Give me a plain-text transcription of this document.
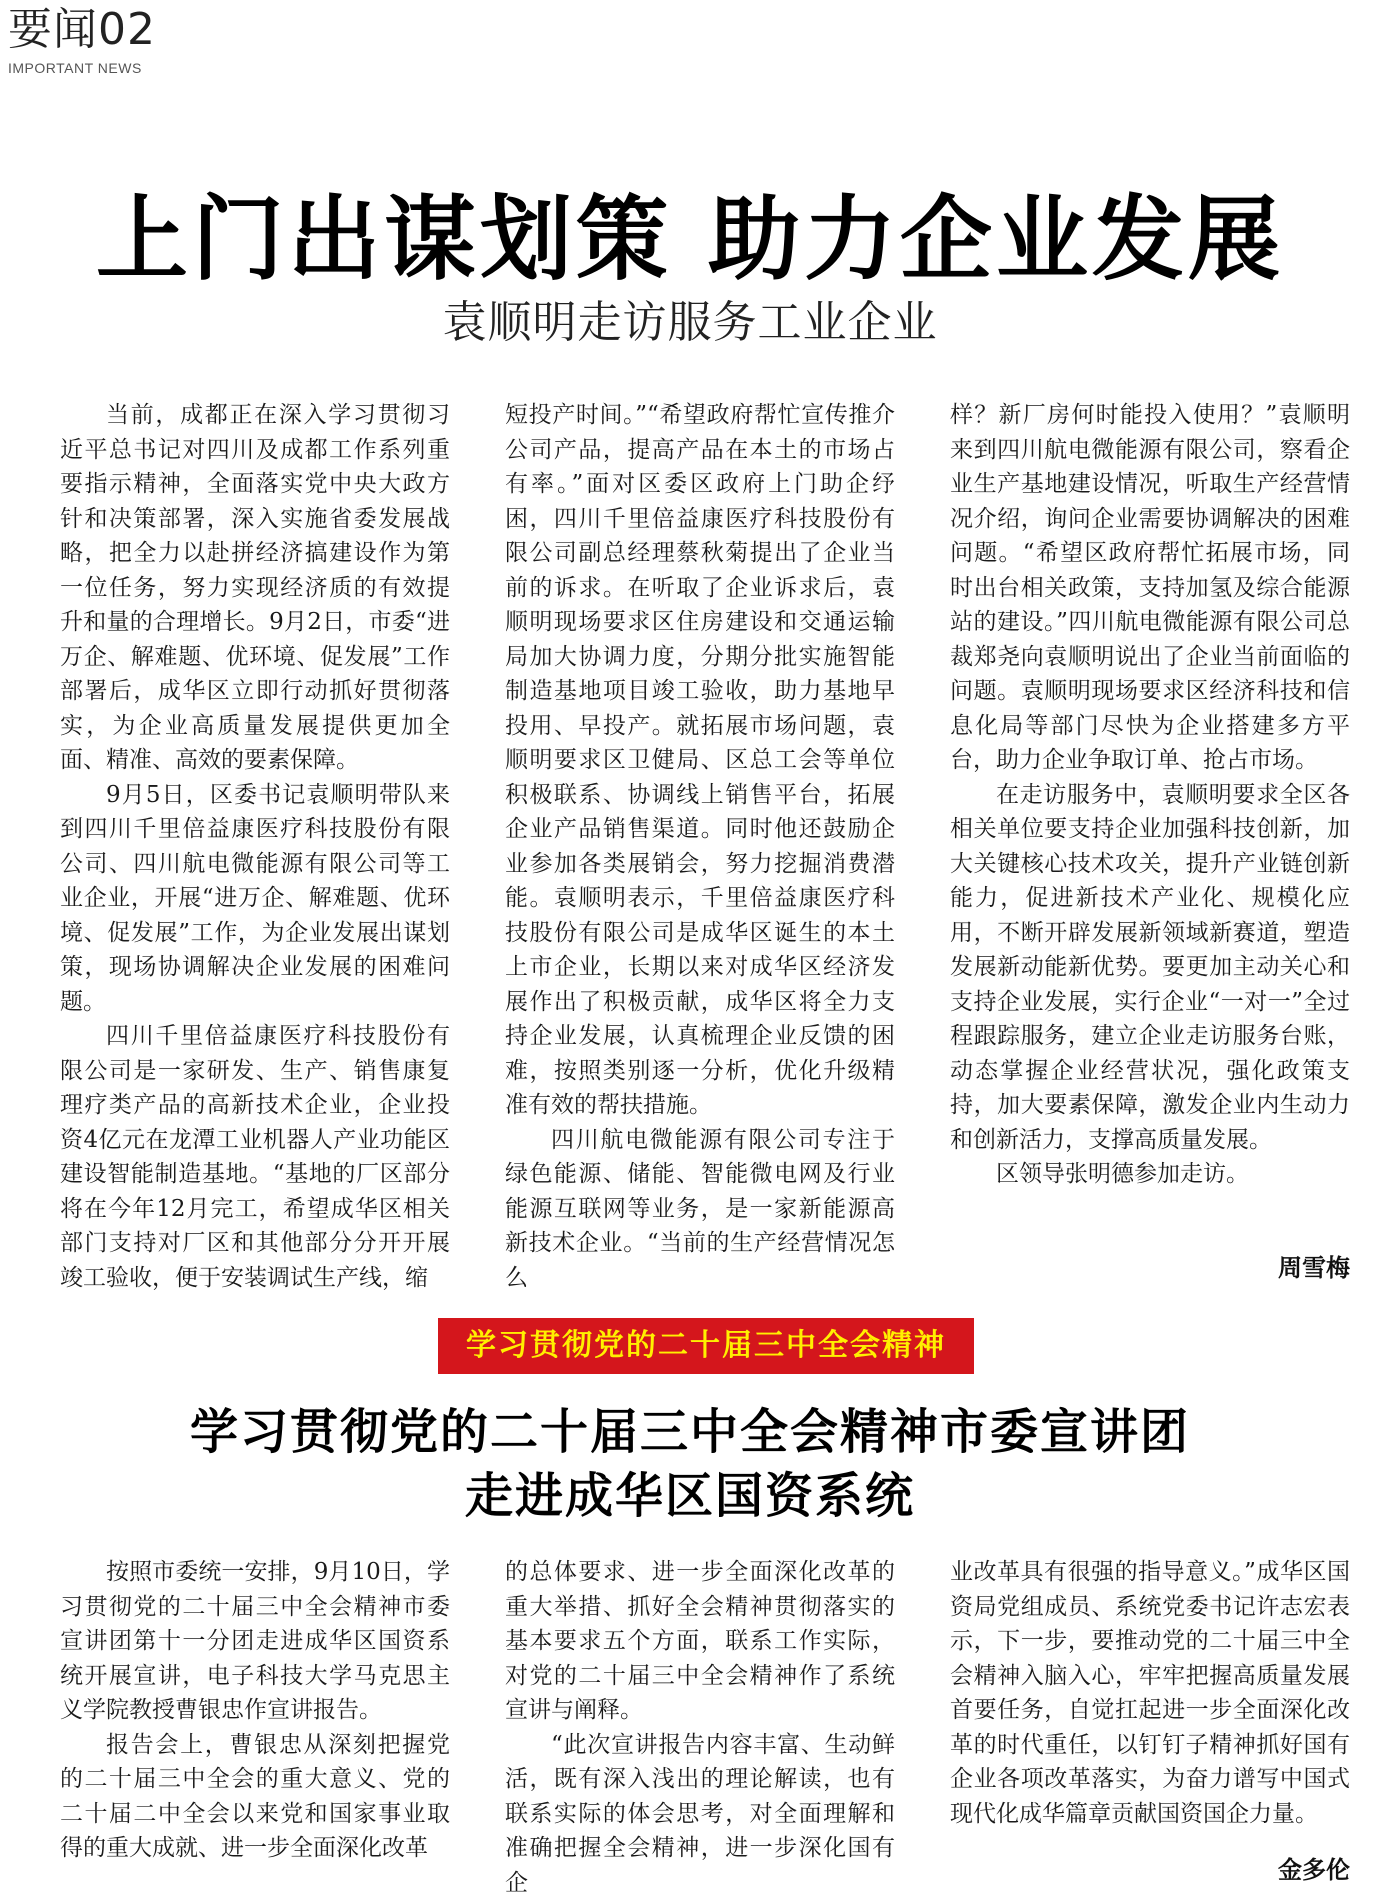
要闻02
IMPORTANT NEWS
上门出谋划策 助力企业发展
袁顺明走访服务工业企业

当前，成都正在深入学习贯彻习近平总书记对四川及成都工作系列重要指示精神，全面落实党中央大政方针和决策部署，深入实施省委发展战略，把全力以赴拼经济搞建设作为第一位任务，努力实现经济质的有效提升和量的合理增长。9月2日，市委“进万企、解难题、优环境、促发展”工作部署后，成华区立即行动抓好贯彻落实，为企业高质量发展提供更加全面、精准、高效的要素保障。

9月5日，区委书记袁顺明带队来到四川千里倍益康医疗科技股份有限公司、四川航电微能源有限公司等工业企业，开展“进万企、解难题、优环境、促发展”工作，为企业发展出谋划策，现场协调解决企业发展的困难问题。

四川千里倍益康医疗科技股份有限公司是一家研发、生产、销售康复理疗类产品的高新技术企业，企业投资4亿元在龙潭工业机器人产业功能区建设智能制造基地。“基地的厂区部分将在今年12月完工，希望成华区相关部门支持对厂区和其他部分分开开展竣工验收，便于安装调试生产线，缩

短投产时间。”“希望政府帮忙宣传推介公司产品，提高产品在本土的市场占有率。”面对区委区政府上门助企纾困，四川千里倍益康医疗科技股份有限公司副总经理蔡秋菊提出了企业当前的诉求。在听取了企业诉求后，袁顺明现场要求区住房建设和交通运输局加大协调力度，分期分批实施智能制造基地项目竣工验收，助力基地早投用、早投产。就拓展市场问题，袁顺明要求区卫健局、区总工会等单位积极联系、协调线上销售平台，拓展企业产品销售渠道。同时他还鼓励企业参加各类展销会，努力挖掘消费潜能。袁顺明表示，千里倍益康医疗科技股份有限公司是成华区诞生的本土上市企业，长期以来对成华区经济发展作出了积极贡献，成华区将全力支持企业发展，认真梳理企业反馈的困难，按照类别逐一分析，优化升级精准有效的帮扶措施。

四川航电微能源有限公司专注于绿色能源、储能、智能微电网及行业能源互联网等业务，是一家新能源高新技术企业。“当前的生产经营情况怎么

样？新厂房何时能投入使用？”袁顺明来到四川航电微能源有限公司，察看企业生产基地建设情况，听取生产经营情况介绍，询问企业需要协调解决的困难问题。“希望区政府帮忙拓展市场，同时出台相关政策，支持加氢及综合能源站的建设。”四川航电微能源有限公司总裁郑尧向袁顺明说出了企业当前面临的问题。袁顺明现场要求区经济科技和信息化局等部门尽快为企业搭建多方平台，助力企业争取订单、抢占市场。

在走访服务中，袁顺明要求全区各相关单位要支持企业加强科技创新，加大关键核心技术攻关，提升产业链创新能力，促进新技术产业化、规模化应用，不断开辟发展新领域新赛道，塑造发展新动能新优势。要更加主动关心和支持企业发展，实行企业“一对一”全过程跟踪服务，建立企业走访服务台账，动态掌握企业经营状况，强化政策支持，加大要素保障，激发企业内生动力和创新活力，支撑高质量发展。

区领导张明德参加走访。

周雪梅
学习贯彻党的二十届三中全会精神
学习贯彻党的二十届三中全会精神市委宣讲团
走进成华区国资系统

按照市委统一安排，9月10日，学习贯彻党的二十届三中全会精神市委宣讲团第十一分团走进成华区国资系统开展宣讲，电子科技大学马克思主义学院教授曹银忠作宣讲报告。

报告会上，曹银忠从深刻把握党的二十届三中全会的重大意义、党的二十届二中全会以来党和国家事业取得的重大成就、进一步全面深化改革

的总体要求、进一步全面深化改革的重大举措、抓好全会精神贯彻落实的基本要求五个方面，联系工作实际，对党的二十届三中全会精神作了系统宣讲与阐释。

“此次宣讲报告内容丰富、生动鲜活，既有深入浅出的理论解读，也有联系实际的体会思考，对全面理解和准确把握全会精神，进一步深化国有企

业改革具有很强的指导意义。”成华区国资局党组成员、系统党委书记许志宏表示，下一步，要推动党的二十届三中全会精神入脑入心，牢牢把握高质量发展首要任务，自觉扛起进一步全面深化改革的时代重任，以钉钉子精神抓好国有企业各项改革落实，为奋力谱写中国式现代化成华篇章贡献国资国企力量。

金多伦
